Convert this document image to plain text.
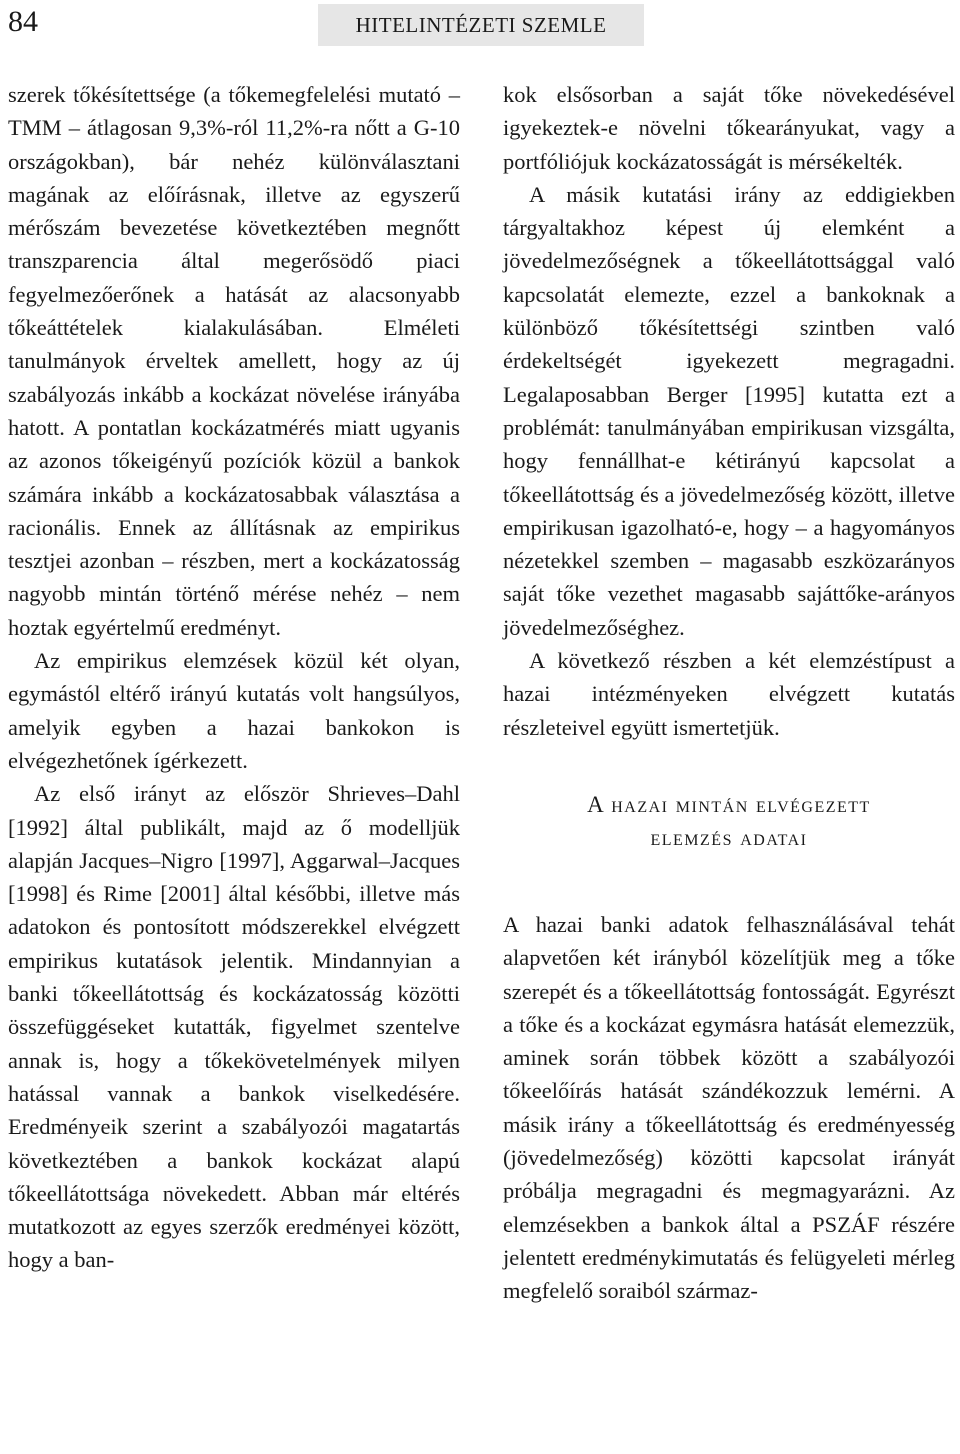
84	HITELINTÉZETI SZEMLE

szerek tőkésítettsége (a tőkemegfelelési mutató – TMM – átlagosan 9,3%-ról 11,2%-ra nőtt a G-10 országokban), bár nehéz különválasztani magának az előírásnak, illetve az egyszerű mérőszám bevezetése következtében megnőtt transzparencia által megerősödő piaci fegyelmezőerőnek a hatását az alacsonyabb tőkeáttételek kialakulásában. Elméleti tanulmányok érveltek amellett, hogy az új szabályozás inkább a kockázat növelése irányába hatott. A pontatlan kockázatmérés miatt ugyanis az azonos tőkeigényű pozíciók közül a bankok számára inkább a kockázatosabbak választása a racionális. Ennek az állításnak az empirikus tesztjei azonban – részben, mert a kockázatosság nagyobb mintán történő mérése nehéz – nem hoztak egyértelmű eredményt.

Az empirikus elemzések közül két olyan, egymástól eltérő irányú kutatás volt hangsúlyos, amelyik egyben a hazai bankokon is elvégezhetőnek ígérkezett.

Az első irányt az először Shrieves–Dahl [1992] által publikált, majd az ő modelljük alapján Jacques–Nigro [1997], Aggarwal–Jacques [1998] és Rime [2001] által későbbi, illetve más adatokon és pontosított módszerekkel elvégzett empirikus kutatások jelentik. Mindannyian a banki tőkeellátottság és kockázatosság közötti összefüggéseket kutatták, figyelmet szentelve annak is, hogy a tőkekövetelmények milyen hatással vannak a bankok viselkedésére. Eredményeik szerint a szabályozói magatartás következtében a bankok kockázat alapú tőkeellátottsága növekedett. Abban már eltérés mutatkozott az egyes szerzők eredményei között, hogy a ban-

kok elsősorban a saját tőke növekedésével igyekeztek-e növelni tőkearányukat, vagy a portfóliójuk kockázatosságát is mérsékelték.

A másik kutatási irány az eddigiekben tárgyaltakhoz képest új elemként a jövedelmezőségnek a tőkeellátottsággal való kapcsolatát elemezte, ezzel a bankoknak a különböző tőkésítettségi szintben való érdekeltségét igyekezett megragadni. Legalaposabban Berger [1995] kutatta ezt a problémát: tanulmányában empirikusan vizsgálta, hogy fennállhat-e kétirányú kapcsolat a tőkeellátottság és a jövedelmezőség között, illetve empirikusan igazolható-e, hogy – a hagyományos nézetekkel szemben – magasabb eszközarányos saját tőke vezethet magasabb sajáttőke-arányos jövedelmezőséghez.

A következő részben a két elemzéstípust a hazai intézményeken elvégzett kutatás részleteivel együtt ismertetjük.

A hazai mintán elvégezett
elemzés adatai

A hazai banki adatok felhasználásával tehát alapvetően két irányból közelítjük meg a tőke szerepét és a tőkeellátottság fontosságát. Egyrészt a tőke és a kockázat egymásra hatását elemezzük, aminek során többek között a szabályozói tőkeelőírás hatását szándékozzuk lemérni. A másik irány a tőkeellátottság és eredményesség (jövedelmezőség) közötti kapcsolat irányát próbálja megragadni és megmagyarázni. Az elemzésekben a bankok által a PSZÁF részére jelentett eredménykimutatás és felügyeleti mérleg megfelelő soraiból származ-
